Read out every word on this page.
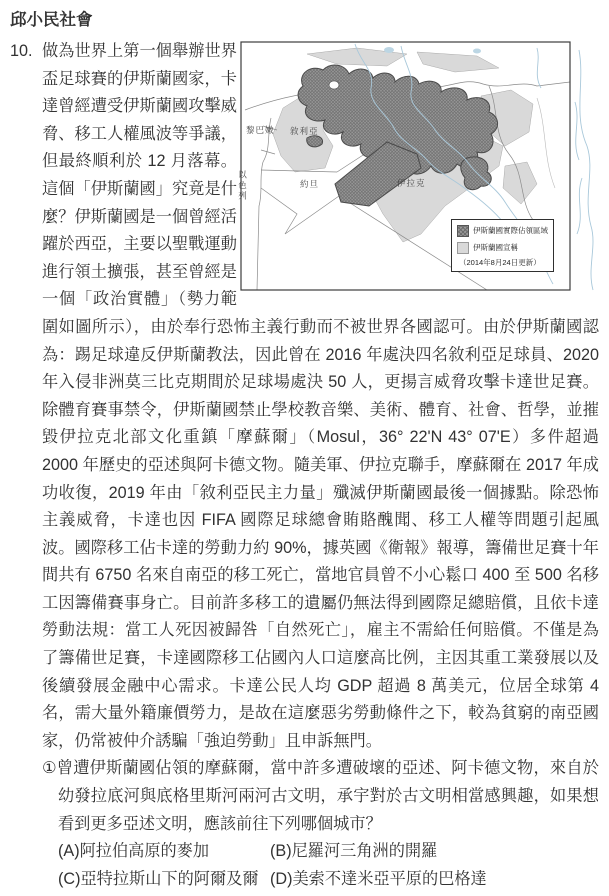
邱小民社會
10.
黎巴嫩 敘利亞
約旦	伊拉克
以色列
伊斯蘭國實際佔領區域
伊斯蘭國宣稱
（2014年8月24日更新）
做為世界上第一個舉辦世界盃足球賽的伊斯蘭國家，卡達曾經遭受伊斯蘭國攻擊威脅、移工人權風波等爭議，但最終順利於 12 月落幕。這個「伊斯蘭國」究竟是什麼？伊斯蘭國是一個曾經活躍於西亞，主要以聖戰運動進行領土擴張，甚至曾經是一個「政治實體」（勢力範圍如圖所示），由於奉行恐怖主義行動而不被世界各國認可。由於伊斯蘭國認為：踢足球違反伊斯蘭教法，因此曾在 2016 年處決四名敘利亞足球員、2020 年入侵非洲莫三比克期間於足球場處決 50 人，更揚言威脅攻擊卡達世足賽。除體育賽事禁令，伊斯蘭國禁止學校教音樂、美術、體育、社會、哲學，並摧毀伊拉克北部文化重鎮「摩蘇爾」（Mosul，36° 22'N 43° 07'E）多件超過 2000 年歷史的亞述與阿卡德文物。隨美軍、伊拉克聯手，摩蘇爾在 2017 年成功收復，2019 年由「敘利亞民主力量」殲滅伊斯蘭國最後一個據點。除恐怖主義威脅，卡達也因 FIFA 國際足球總會賄賂醜聞、移工人權等問題引起風波。國際移工佔卡達的勞動力約 90%，據英國《衛報》報導，籌備世足賽十年間共有 6750 名來自南亞的移工死亡，當地官員曾不小心鬆口 400 至 500 名移工因籌備賽事身亡。目前許多移工的遺屬仍無法得到國際足總賠償，且依卡達勞動法規：當工人死因被歸咎「自然死亡」，雇主不需給任何賠償。不僅是為了籌備世足賽，卡達國際移工佔國內人口這麼高比例，主因其重工業發展以及後續發展金融中心需求。卡達公民人均 GDP 超過 8 萬美元，位居全球第 4 名，需大量外籍廉價勞力，是故在這麼惡劣勞動條件之下，較為貧窮的南亞國家，仍常被仲介誘騙「強迫勞動」且申訴無門。
①曾遭伊斯蘭國佔領的摩蘇爾，當中許多遭破壞的亞述、阿卡德文物，來自於幼發拉底河與底格里斯河兩河古文明，承宇對於古文明相當感興趣，如果想看到更多亞述文明，應該前往下列哪個城市？
(A)阿拉伯高原的麥加	(B)尼羅河三角洲的開羅
(C)亞特拉斯山下的阿爾及爾 (D)美索不達米亞平原的巴格達
